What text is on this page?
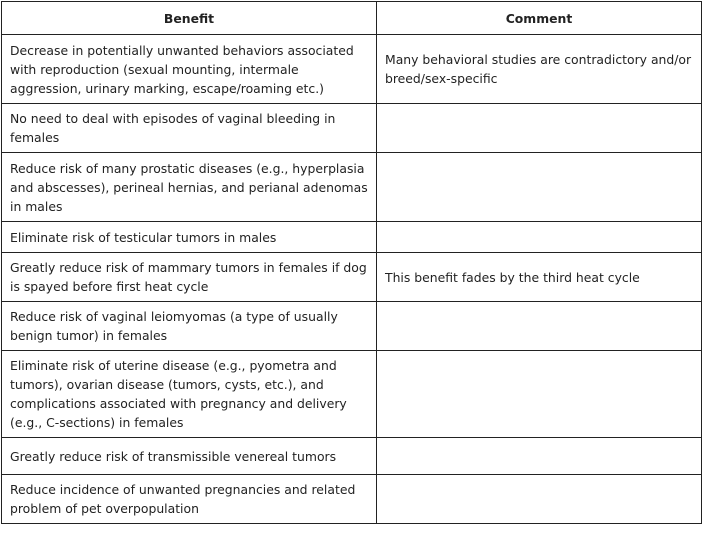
Benefit	Comment
Decrease in potentially unwanted behaviors associated with reproduction (sexual mounting, intermale aggression, urinary marking, escape/roaming etc.)	Many behavioral studies are contradictory and/or breed/sex-specific
No need to deal with episodes of vaginal bleeding in females	
Reduce risk of many prostatic diseases (e.g., hyperplasia and abscesses), perineal hernias, and perianal adenomas in males	
Eliminate risk of testicular tumors in males	
Greatly reduce risk of mammary tumors in females if dog is spayed before first heat cycle	This benefit fades by the third heat cycle
Reduce risk of vaginal leiomyomas (a type of usually benign tumor) in females	
Eliminate risk of uterine disease (e.g., pyometra and tumors), ovarian disease (tumors, cysts, etc.), and complications associated with pregnancy and delivery (e.g., C-sections) in females	
Greatly reduce risk of transmissible venereal tumors	
Reduce incidence of unwanted pregnancies and related problem of pet overpopulation	
